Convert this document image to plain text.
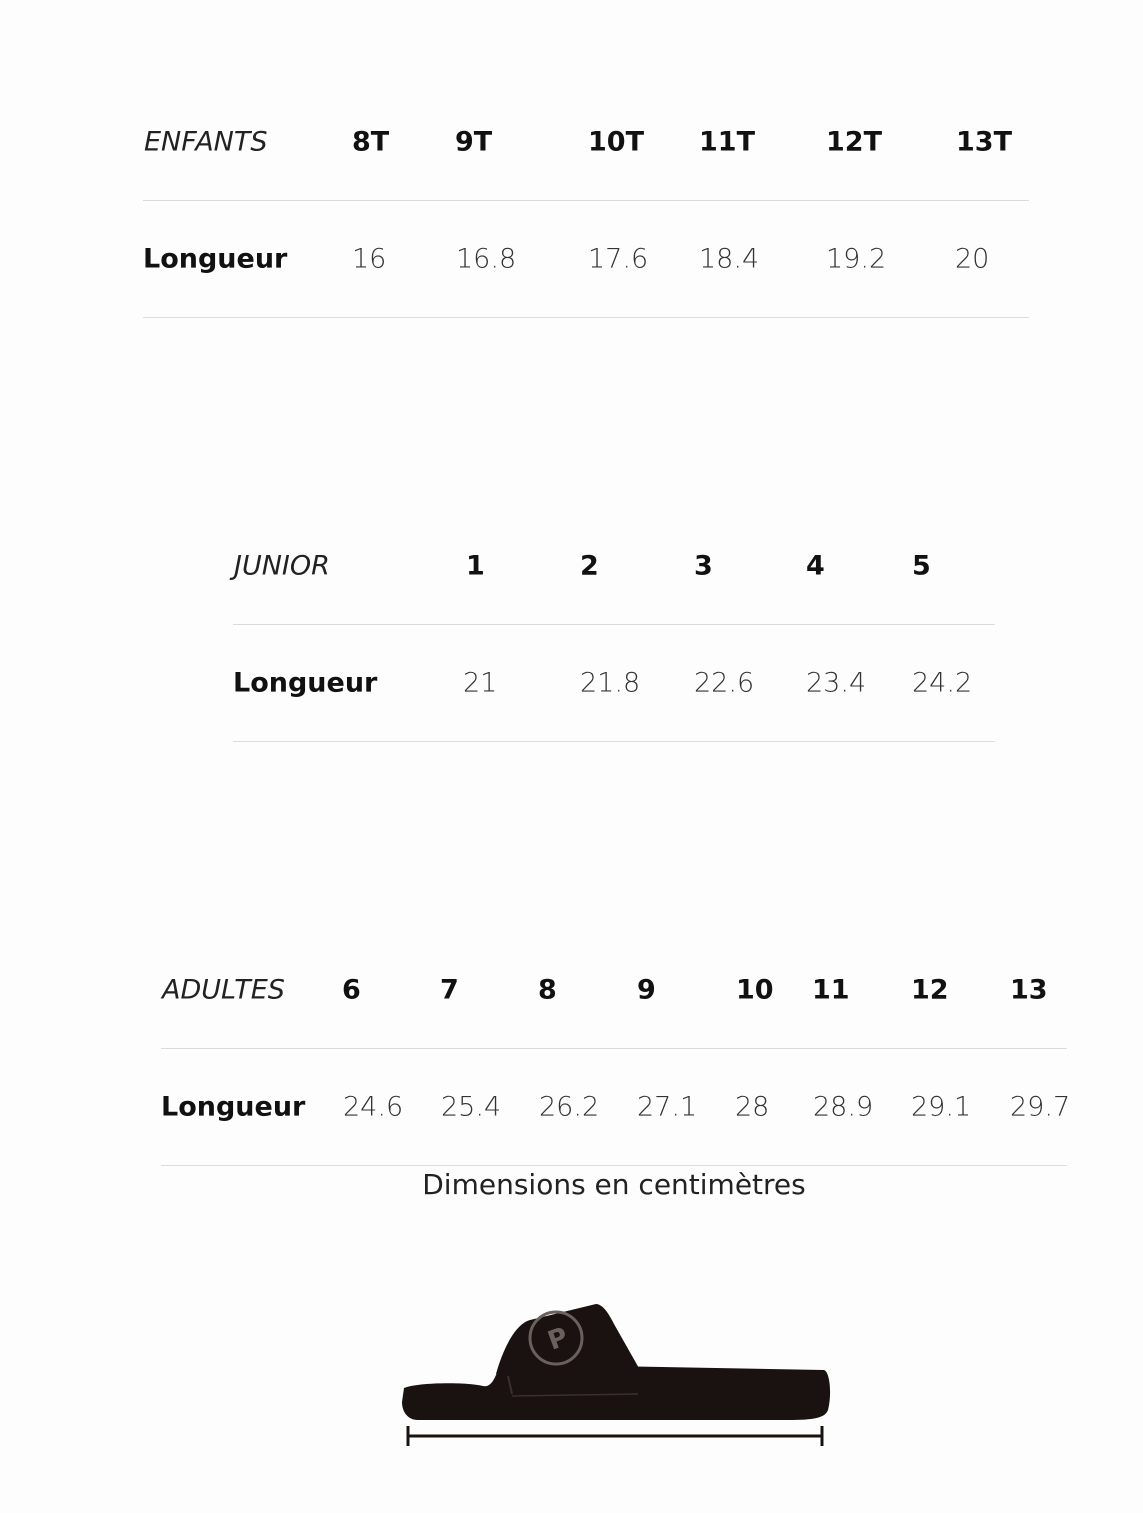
ENFANTS	8T 9T	10T 11T	12T	13T
Longueur 16	16.8	17.6 18.4 19.2	20
JUNIOR	1	2	3	4	5
Longueur	21	21.8 22.6 23.4 24.2
ADULTES 6	7	8	9	10 11 12 13
Longueur 24.6 25.4 26.2 27.1 28 28.9 29.1 29.7
Dimensions en centimètres
P
